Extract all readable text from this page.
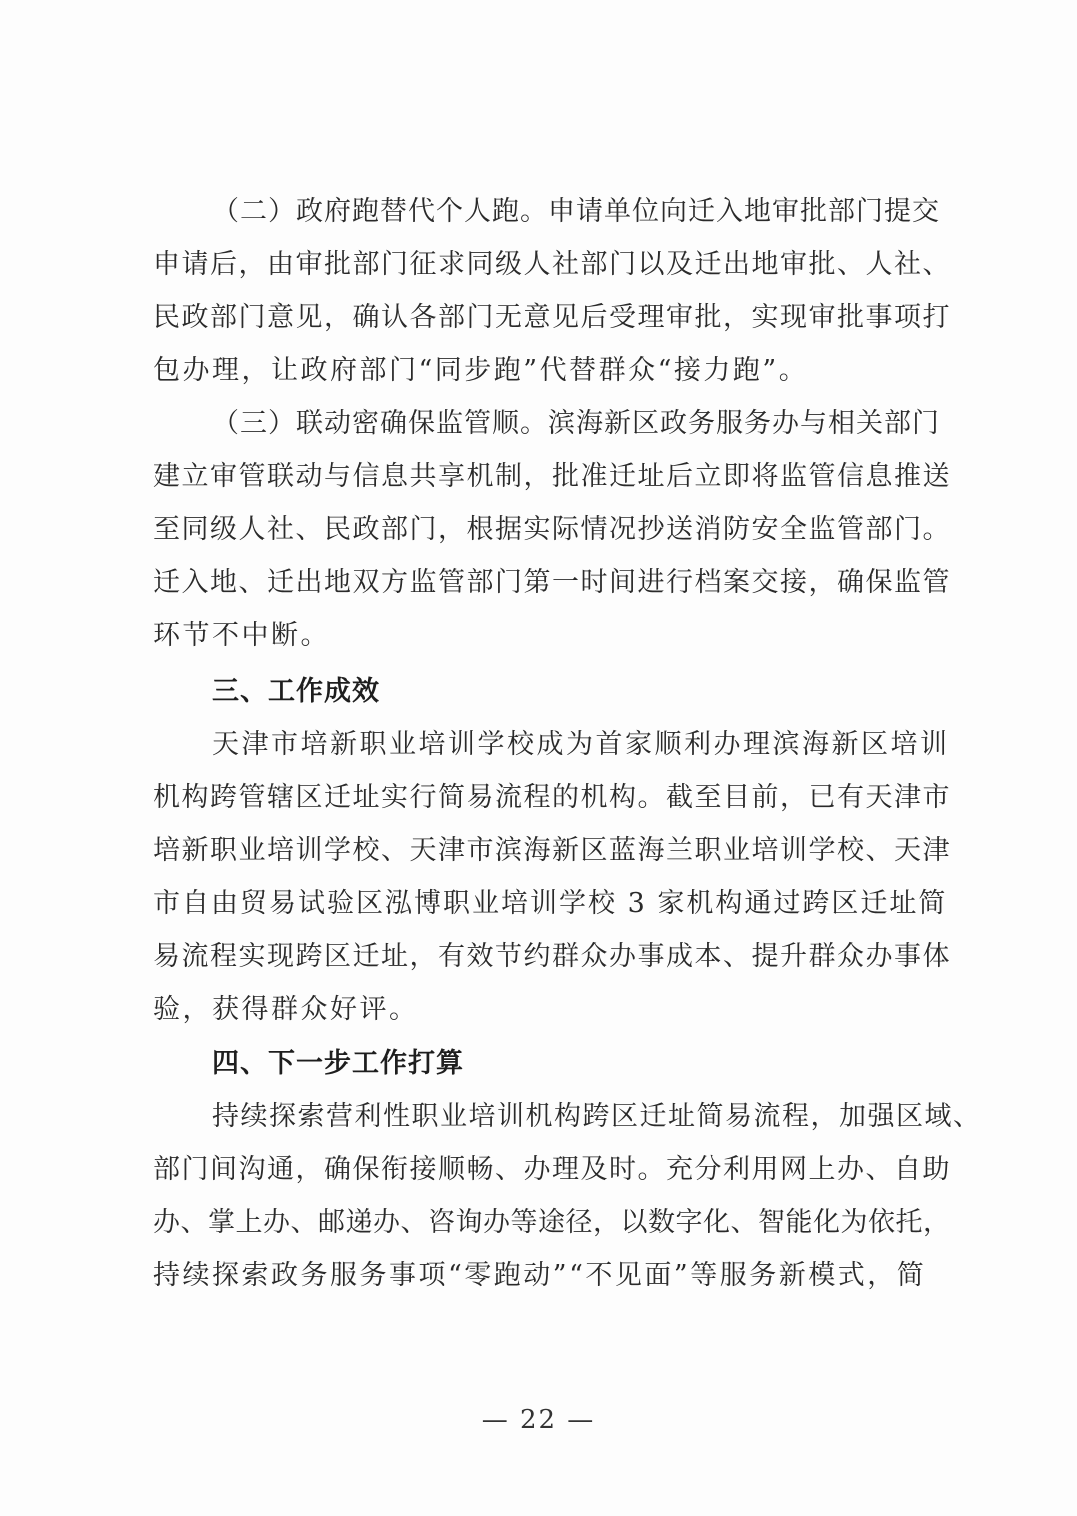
（二）政府跑替代个人跑。申请单位向迁入地审批部门提交
申请后，由审批部门征求同级人社部门以及迁出地审批、人社、
民政部门意见，确认各部门无意见后受理审批，实现审批事项打
包办理，让政府部门“同步跑”代替群众“接力跑”。
（三）联动密确保监管顺。滨海新区政务服务办与相关部门
建立审管联动与信息共享机制，批准迁址后立即将监管信息推送
至同级人社、民政部门，根据实际情况抄送消防安全监管部门。
迁入地、迁出地双方监管部门第一时间进行档案交接，确保监管
环节不中断。
三、工作成效
天津市培新职业培训学校成为首家顺利办理滨海新区培训
机构跨管辖区迁址实行简易流程的机构。截至目前，已有天津市
培新职业培训学校、天津市滨海新区蓝海兰职业培训学校、天津
市自由贸易试验区泓博职业培训学校 3 家机构通过跨区迁址简
易流程实现跨区迁址，有效节约群众办事成本、提升群众办事体
验，获得群众好评。
四、下一步工作打算
持续探索营利性职业培训机构跨区迁址简易流程，加强区域、
部门间沟通，确保衔接顺畅、办理及时。充分利用网上办、自助
办、掌上办、邮递办、咨询办等途径，以数字化、智能化为依托，
持续探索政务服务事项“零跑动”“不见面”等服务新模式，简
— 22 —
